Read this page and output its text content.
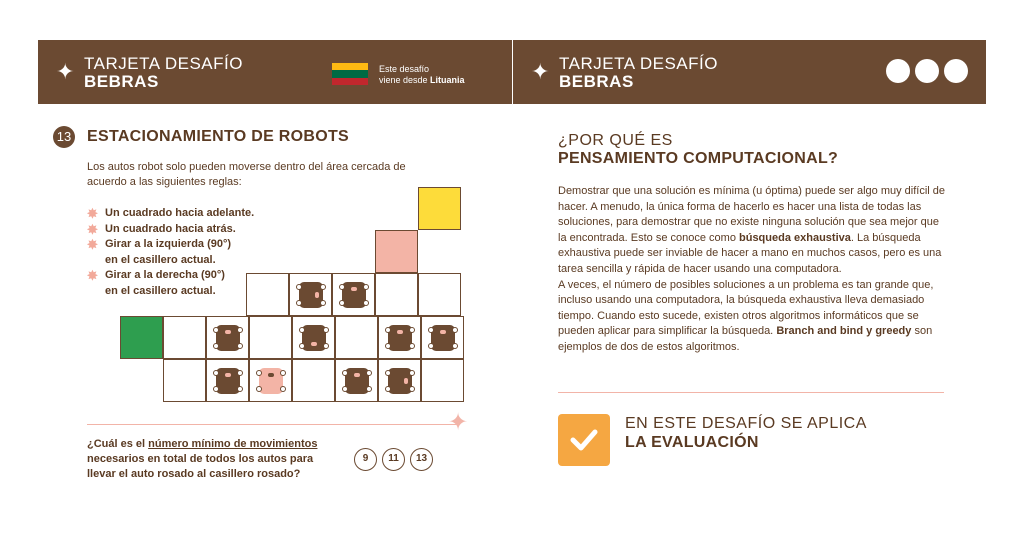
✦ TARJETA DESAFÍO
BEBRAS
Este desafío
viene desde Lituania	✦ TARJETA DESAFÍO
BEBRAS
13 ESTACIONAMIENTO DE ROBOTS
Los autos robot solo pueden moverse dentro del área cercada de acuerdo a las siguientes reglas:
✸ Un cuadrado hacia adelante.
✸ Un cuadrado hacia atrás.
✸ Girar a la izquierda (90°)
en el casillero actual.
✸ Girar a la derecha (90°)
en el casillero actual.
✦
¿Cuál es el número mínimo de movimientos necesarios en total de todos los autos para llevar el auto rosado al casillero rosado?
9	11	13
¿POR QUÉ ES
PENSAMIENTO COMPUTACIONAL?
Demostrar que una solución es mínima (u óptima) puede ser algo muy difícil de hacer. A menudo, la única forma de hacerlo es hacer una lista de todas las soluciones, para demostrar que no existe ninguna solución que sea mejor que la encontrada. Esto se conoce como búsqueda exhaustiva. La búsqueda exhaustiva puede ser inviable de hacer a mano en muchos casos, pero es una tarea sencilla y rápida de hacer usando una computadora.
A veces, el número de posibles soluciones a un problema es tan grande que, incluso usando una computadora, la búsqueda exhaustiva lleva demasiado tiempo. Cuando esto sucede, existen otros algoritmos informáticos que se pueden aplicar para simplificar la búsqueda. Branch and bind y greedy son ejemplos de dos de estos algoritmos.
EN ESTE DESAFÍO SE APLICA
LA EVALUACIÓN
